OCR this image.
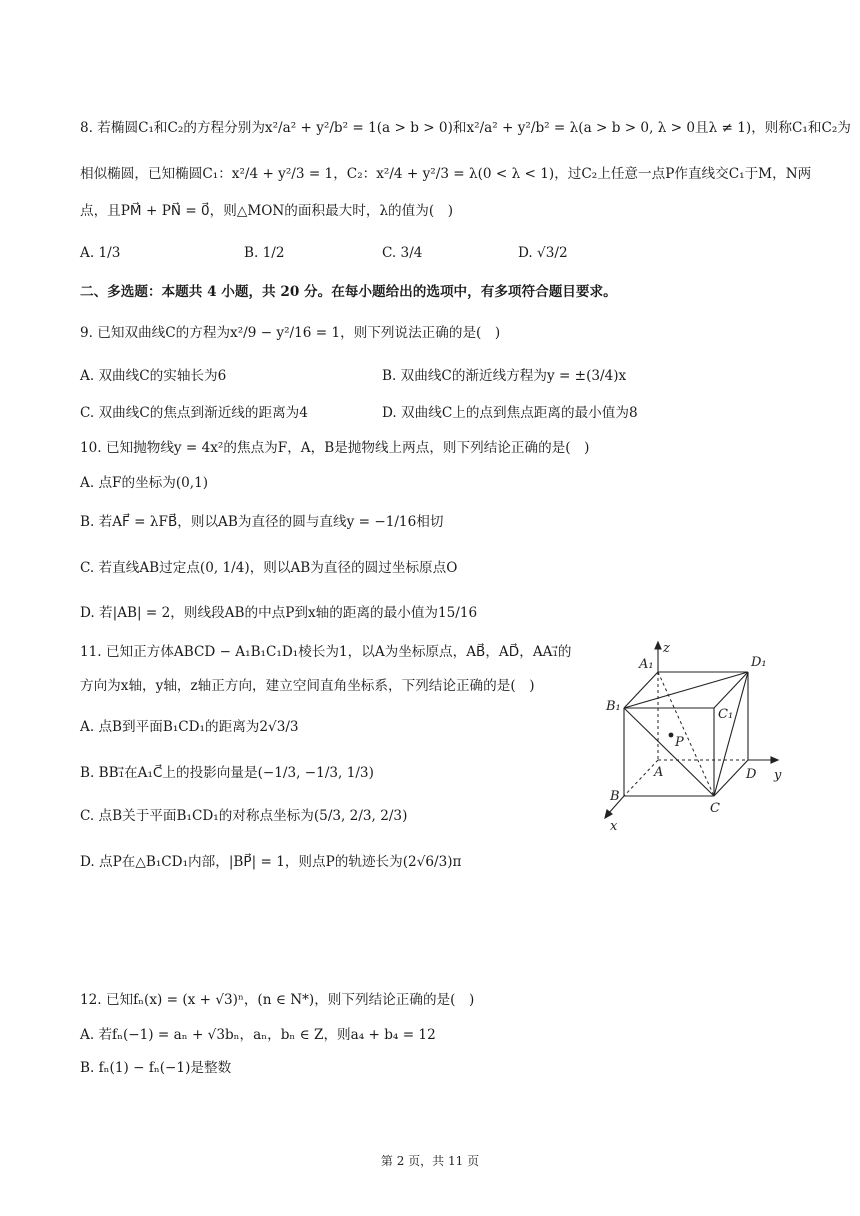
8. 若椭圆C₁和C₂的方程分别为x²/a² + y²/b² = 1(a > b > 0)和x²/a² + y²/b² = λ(a > b > 0, λ > 0且λ ≠ 1)，则称C₁和C₂为
相似椭圆，已知椭圆C₁：x²/4 + y²/3 = 1，C₂：x²/4 + y²/3 = λ(0 < λ < 1)，过C₂上任意一点P作直线交C₁于M，N两
点，且PM⃗ + PN⃗ = 0⃗，则△MON的面积最大时，λ的值为(　)
A. 1/3	B. 1/2	C. 3/4	D. √3/2
二、多选题：本题共 4 小题，共 20 分。在每小题给出的选项中，有多项符合题目要求。
9. 已知双曲线C的方程为x²/9 − y²/16 = 1，则下列说法正确的是(　)
A. 双曲线C的实轴长为6	B. 双曲线C的渐近线方程为y = ±(3/4)x
C. 双曲线C的焦点到渐近线的距离为4	D. 双曲线C上的点到焦点距离的最小值为8
10. 已知抛物线y = 4x²的焦点为F，A，B是抛物线上两点，则下列结论正确的是(　)
A. 点F的坐标为(0,1)
B. 若AF⃗ = λFB⃗，则以AB为直径的圆与直线y = −1/16相切
C. 若直线AB过定点(0, 1/4)，则以AB为直径的圆过坐标原点O
D. 若|AB| = 2，则线段AB的中点P到x轴的距离的最小值为15/16
11. 已知正方体ABCD − A₁B₁C₁D₁棱长为1，以A为坐标原点，AB⃗，AD⃗，AA₁⃗的
方向为x轴，y轴，z轴正方向，建立空间直角坐标系，下列结论正确的是(　)
A. 点B到平面B₁CD₁的距离为2√3/3
B. BB₁⃗在A₁C⃗上的投影向量是(−1/3, −1/3, 1/3)
C. 点B关于平面B₁CD₁的对称点坐标为(5/3, 2/3, 2/3)
D. 点P在△B₁CD₁内部，|BP⃗| = 1，则点P的轨迹长为(2√6/3)π
A₁
z
D₁
B₁
C₁
P
A	D y
B
C
x
12. 已知fₙ(x) = (x + √3)ⁿ，(n ∈ N*)，则下列结论正确的是(　)
A. 若fₙ(−1) = aₙ + √3bₙ，aₙ，bₙ ∈ Z，则a₄ + b₄ = 12
B. fₙ(1) − fₙ(−1)是整数
第 2 页，共 11 页
